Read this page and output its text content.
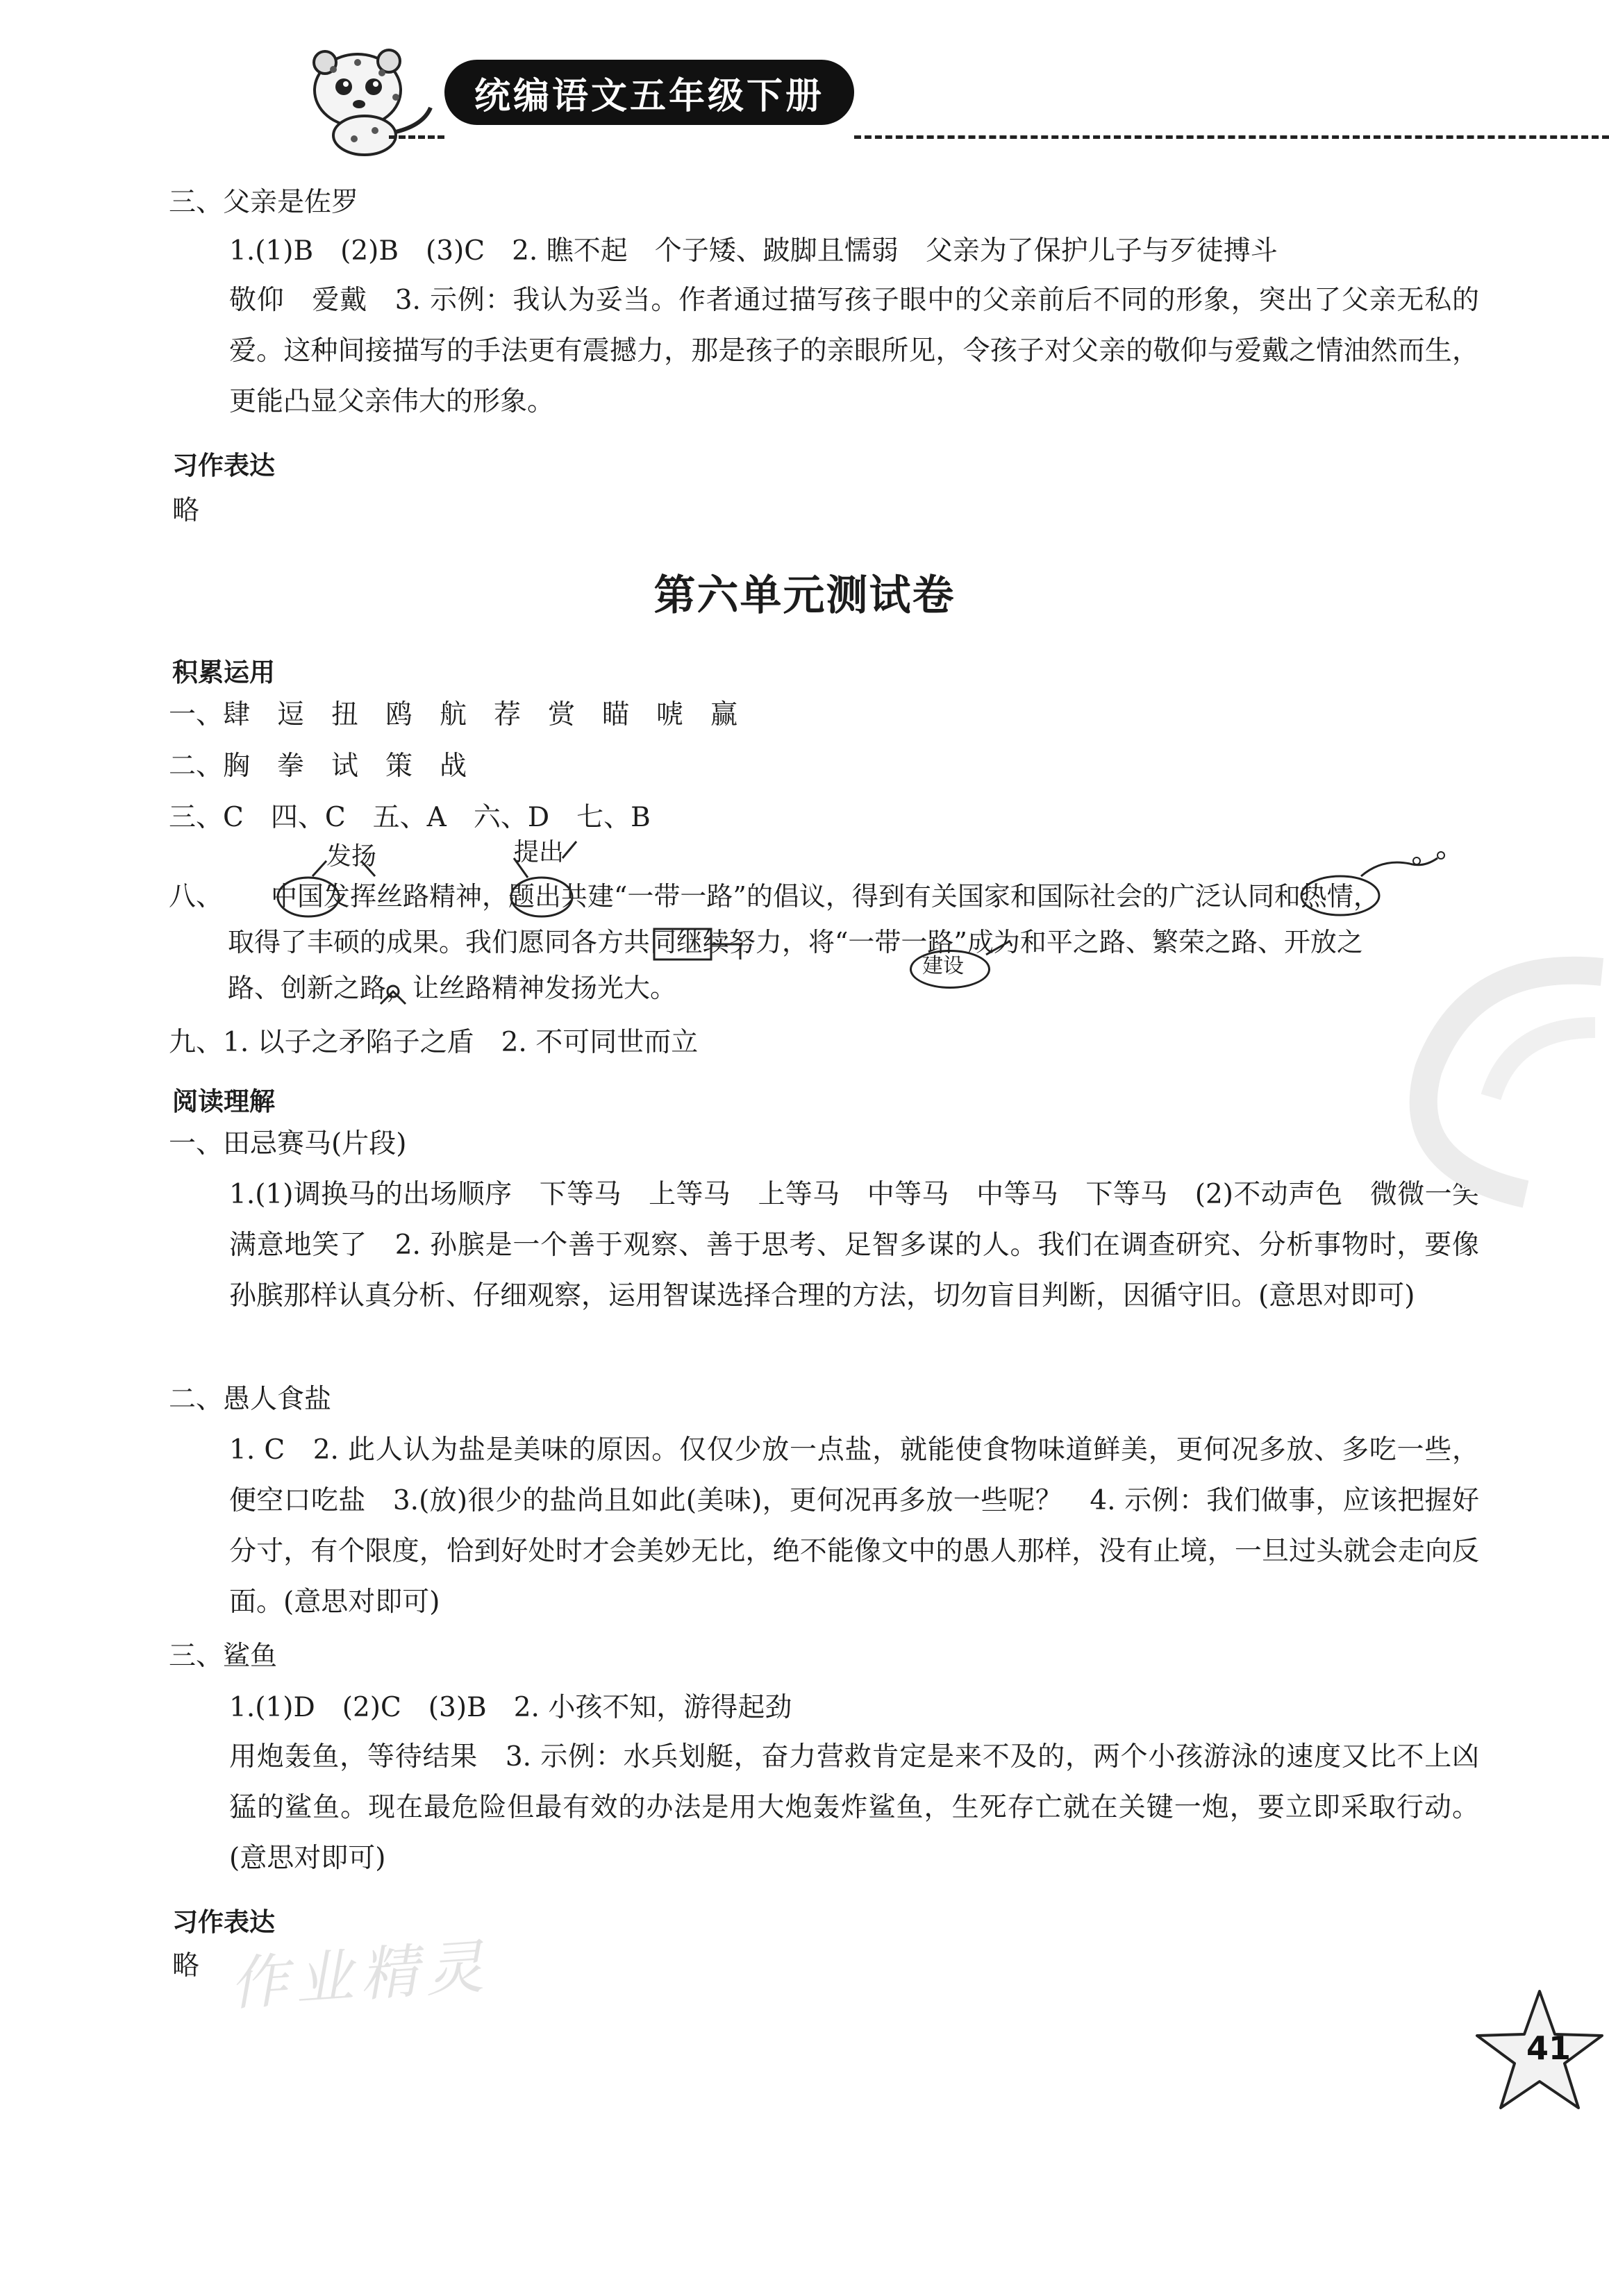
统编语文五年级下册
三、父亲是佐罗
1.(1)B　(2)B　(3)C　2. 瞧不起　个子矮、跛脚且懦弱　父亲为了保护儿子与歹徒搏斗
敬仰　爱戴　3. 示例：我认为妥当。作者通过描写孩子眼中的父亲前后不同的形象，突出了父亲无私的爱。这种间接描写的手法更有震撼力，那是孩子的亲眼所见，令孩子对父亲的敬仰与爱戴之情油然而生，更能凸显父亲伟大的形象。
习作表达
略
第六单元测试卷
积累运用
一、肆　逗　扭　鸥　航　荐　赏　瞄　唬　赢
二、胸　拳　试　策　战
三、C　四、C　五、A　六、D　七、B
八、
发扬	提出
中国发挥丝路精神，题出共建“一带一路”的倡议，得到有关国家和国际社会的广泛认同和热情，
取得了丰硕的成果。我们愿同各方共同继续努力，将“一带一路”成为和平之路、繁荣之路、开放之
路、创新之路，让丝路精神发扬光大。
建设
九、1. 以子之矛陷子之盾　2. 不可同世而立
阅读理解
一、田忌赛马(片段)
1.(1)调换马的出场顺序　下等马　上等马　上等马　中等马　中等马　下等马　(2)不动声色　微微一笑　满意地笑了　2. 孙膑是一个善于观察、善于思考、足智多谋的人。我们在调查研究、分析事物时，要像孙膑那样认真分析、仔细观察，运用智谋选择合理的方法，切勿盲目判断，因循守旧。(意思对即可)
二、愚人食盐
1. C　2. 此人认为盐是美味的原因。仅仅少放一点盐，就能使食物味道鲜美，更何况多放、多吃一些，便空口吃盐　3.(放)很少的盐尚且如此(美味)，更何况再多放一些呢？　4. 示例：我们做事，应该把握好分寸，有个限度，恰到好处时才会美妙无比，绝不能像文中的愚人那样，没有止境，一旦过头就会走向反面。(意思对即可)
三、鲨鱼
1.(1)D　(2)C　(3)B　2. 小孩不知，游得起劲
用炮轰鱼，等待结果　3. 示例：水兵划艇，奋力营救肯定是来不及的，两个小孩游泳的速度又比不上凶猛的鲨鱼。现在最危险但最有效的办法是用大炮轰炸鲨鱼，生死存亡就在关键一炮，要立即采取行动。(意思对即可)
习作表达
略 作业精灵
41
